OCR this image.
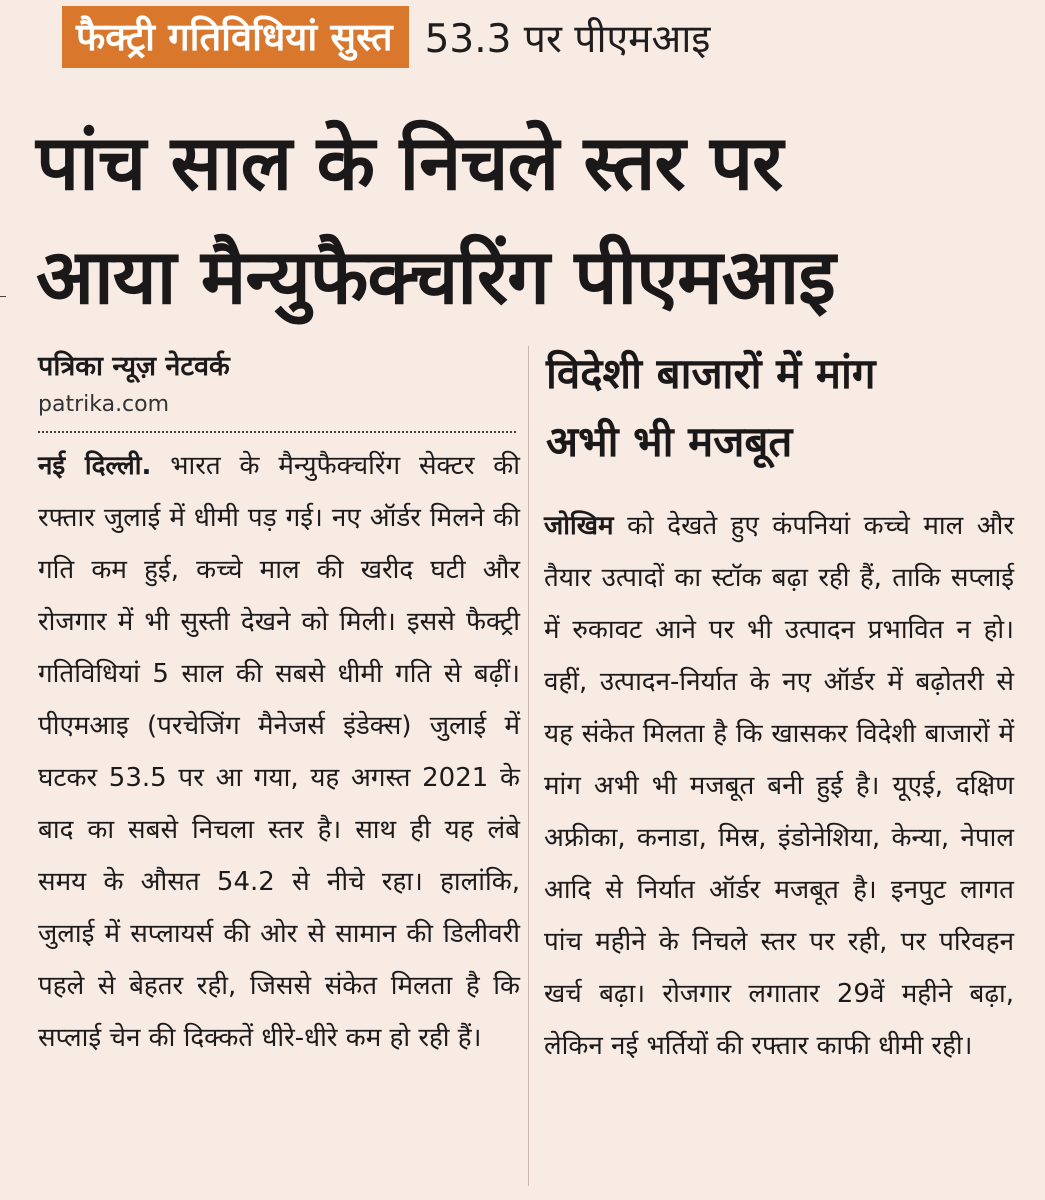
फैक्ट्री गतिविधियां सुस्त 53.3 पर पीएमआइ
पांच साल के निचले स्तर पर
आया मैन्युफैक्चरिंग पीएमआइ
पत्रिका न्यूज़ नेटवर्क
patrika.com
नई दिल्ली. भारत के मैन्युफैक्चरिंग सेक्टर की रफ्तार जुलाई में धीमी पड़ गई। नए ऑर्डर मिलने की गति कम हुई, कच्चे माल की खरीद घटी और रोजगार में भी सुस्ती देखने को मिली। इससे फैक्ट्री गतिविधियां 5 साल की सबसे धीमी गति से बढ़ीं। पीएमआइ (परचेजिंग मैनेजर्स इंडेक्स) जुलाई में घटकर 53.5 पर आ गया, यह अगस्त 2021 के बाद का सबसे निचला स्तर है। साथ ही यह लंबे समय के औसत 54.2 से नीचे रहा। हालांकि, जुलाई में सप्लायर्स की ओर से सामान की डिलीवरी पहले से बेहतर रही, जिससे संकेत मिलता है कि सप्लाई चेन की दिक्कतें धीरे-धीरे कम हो रही हैं।
विदेशी बाजारों में मांग
अभी भी मजबूत
जोखिम को देखते हुए कंपनियां कच्चे माल और तैयार उत्पादों का स्टॉक बढ़ा रही हैं, ताकि सप्लाई में रुकावट आने पर भी उत्पादन प्रभावित न हो। वहीं, उत्पादन-निर्यात के नए ऑर्डर में बढ़ोतरी से यह संकेत मिलता है कि खासकर विदेशी बाजारों में मांग अभी भी मजबूत बनी हुई है। यूएई, दक्षिण अफ्रीका, कनाडा, मिस्र, इंडोनेशिया, केन्या, नेपाल आदि से निर्यात ऑर्डर मजबूत है। इनपुट लागत पांच महीने के निचले स्तर पर रही, पर परिवहन खर्च बढ़ा। रोजगार लगातार 29वें महीने बढ़ा, लेकिन नई भर्तियों की रफ्तार काफी धीमी रही।
